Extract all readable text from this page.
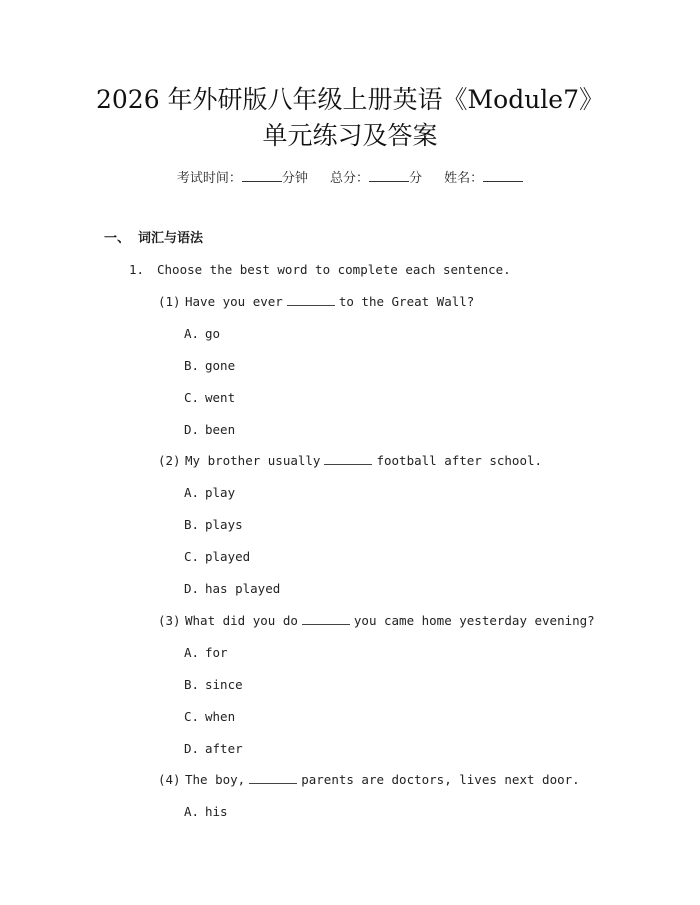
2026 年外研版八年级上册英语《Module7》
单元练习及答案
考试时间：	分钟 总分：	分 姓名：
一、 词汇与语法
1. Choose the best word to complete each sentence.
(1) Have you ever	to the Great Wall?
A. go
B. gone
C. went
D. been
(2) My brother usually	football after school.
A. play
B. plays
C. played
D. has played
(3) What did you do	you came home yesterday evening?
A. for
B. since
C. when
D. after
(4) The boy,	parents are doctors, lives next door.
A. his
